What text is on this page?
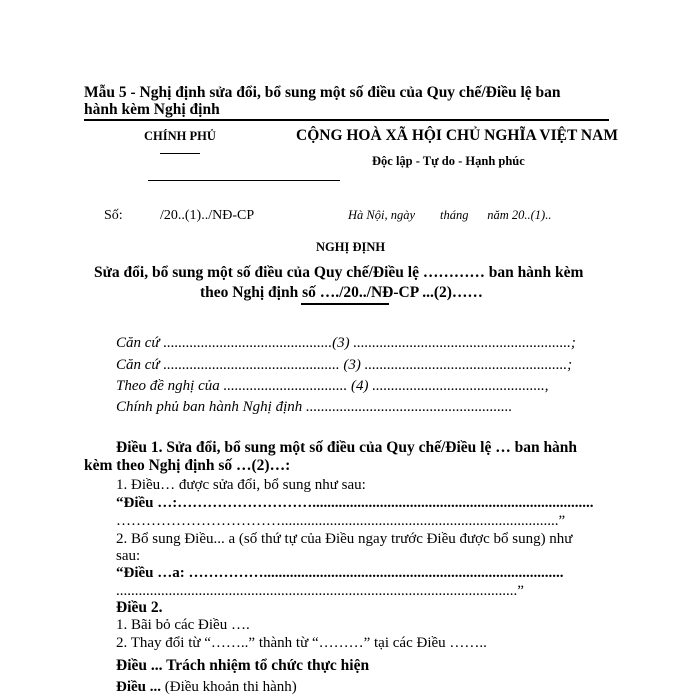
Mẫu 5 - Nghị định sửa đổi, bổ sung một số điều của Quy chế/Điều lệ ban
hành kèm Nghị định
CHÍNH PHỦ	CỘNG HOÀ XÃ HỘI CHỦ NGHĨA VIỆT NAM
Độc lập - Tự do - Hạnh phúc
Số:	/20..(1)../NĐ-CP	Hà Nội, ngày        tháng      năm 20..(1)..
NGHỊ ĐỊNH
Sửa đổi, bổ sung một số điều của Quy chế/Điều lệ ………… ban hành kèm
theo Nghị định số …./20../NĐ-CP ...(2)……
Căn cứ .............................................(3) ..........................................................;
Căn cứ ............................................... (3) ......................................................;
Theo đề nghị của ................................. (4) ..............................................,
Chính phủ ban hành Nghị định .......................................................
Điều 1. Sửa đổi, bổ sung một số điều của Quy chế/Điều lệ … ban hành
kèm theo Nghị định số …(2)…:
1. Điều… được sửa đổi, bổ sung như sau:
“Điều …:………………………...........................................................................
……………………………..........................................................................”
2. Bổ sung Điều... a (số thứ tự của Điều ngay trước Điều được bổ sung) như
sau:
“Điều …a: ……………................................................................................
...........................................................................................................”
Điều 2.
1. Bãi bỏ các Điều ….
2. Thay đổi từ “……..” thành từ “………” tại các Điều ……..
Điều ... Trách nhiệm tổ chức thực hiện
Điều ... (Điều khoản thi hành)
